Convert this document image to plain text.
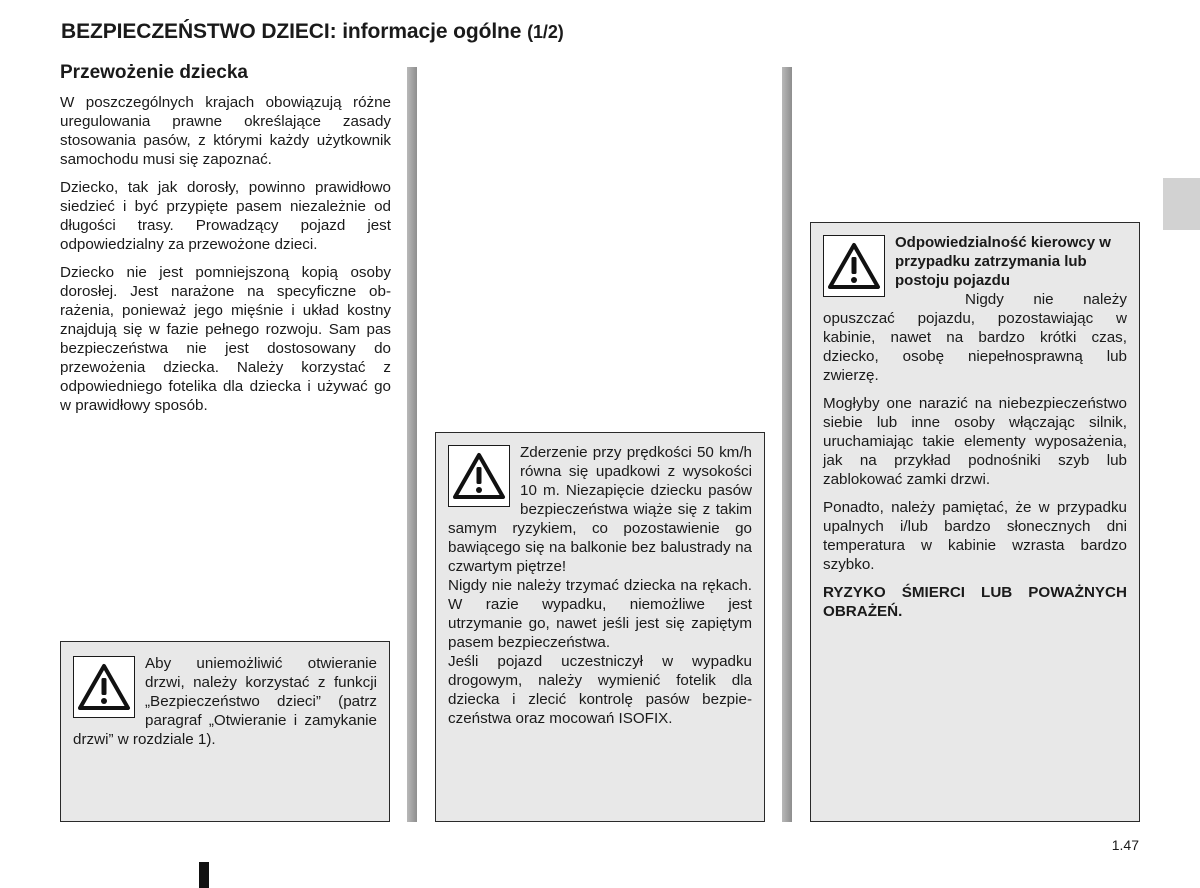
BEZPIECZEŃSTWO DZIECI: informacje ogólne (1/2)
Przewożenie dziecka

W poszczególnych krajach obowiązują różne uregulowania prawne określające zasady stosowania pasów, z którymi każdy użytkownik samochodu musi się zapoznać.

Dziecko, tak jak dorosły, powinno prawidłowo siedzieć i być przypięte pasem niezależnie od długości trasy. Prowadzący pojazd jest odpowiedzialny za przewożone dzieci.

Dziecko nie jest pomniejszoną kopią osoby dorosłej. Jest narażone na specyficzne obrażenia, ponieważ jego mięśnie i układ kostny znajdują się w fazie pełnego rozwoju. Sam pas bezpieczeństwa nie jest dostosowany do przewożenia dziecka. Należy korzystać z odpowiedniego fotelika dla dziecka i używać go w prawidłowy sposób.

Aby uniemożliwić otwieranie drzwi, należy korzystać z funkcji „Bezpieczeństwo dzieci” (patrz paragraf „Otwieranie i zamykanie drzwi” w rozdziale 1).
Zderzenie przy prędkości 50 km/h równa się upadkowi z wysokości 10 m. Niezapięcie dziecku pasów bezpieczeństwa wiąże się z takim samym ryzykiem, co pozostawienie go bawiącego się na balkonie bez balustrady na czwartym piętrze!
Nigdy nie należy trzymać dziecka na rękach. W razie wypadku, niemożliwe jest utrzymanie go, nawet jeśli jest się zapiętym pasem bezpieczeństwa.
Jeśli pojazd uczestniczył w wypadku drogowym, należy wymienić fotelik dla dziecka i zlecić kontrolę pasów bezpieczeństwa oraz mocowań ISOFIX.
Odpowiedzialność kierowcy w przypadku zatrzymania lub postoju pojazdu

Nigdy nie należy opuszczać pojazdu, pozostawiając w kabinie, nawet na bardzo krótki czas, dziecko, osobę niepełnosprawną lub zwierzę.

Mogłyby one narazić na niebezpieczeństwo siebie lub inne osoby włączając silnik, uruchamiając takie elementy wyposażenia, jak na przykład podnośniki szyb lub zablokować zamki drzwi.

Ponadto, należy pamiętać, że w przypadku upalnych i/lub bardzo słonecznych dni temperatura w kabinie wzrasta bardzo szybko.

RYZYKO ŚMIERCI LUB POWAŻNYCH OBRAŻEŃ.

1.47
